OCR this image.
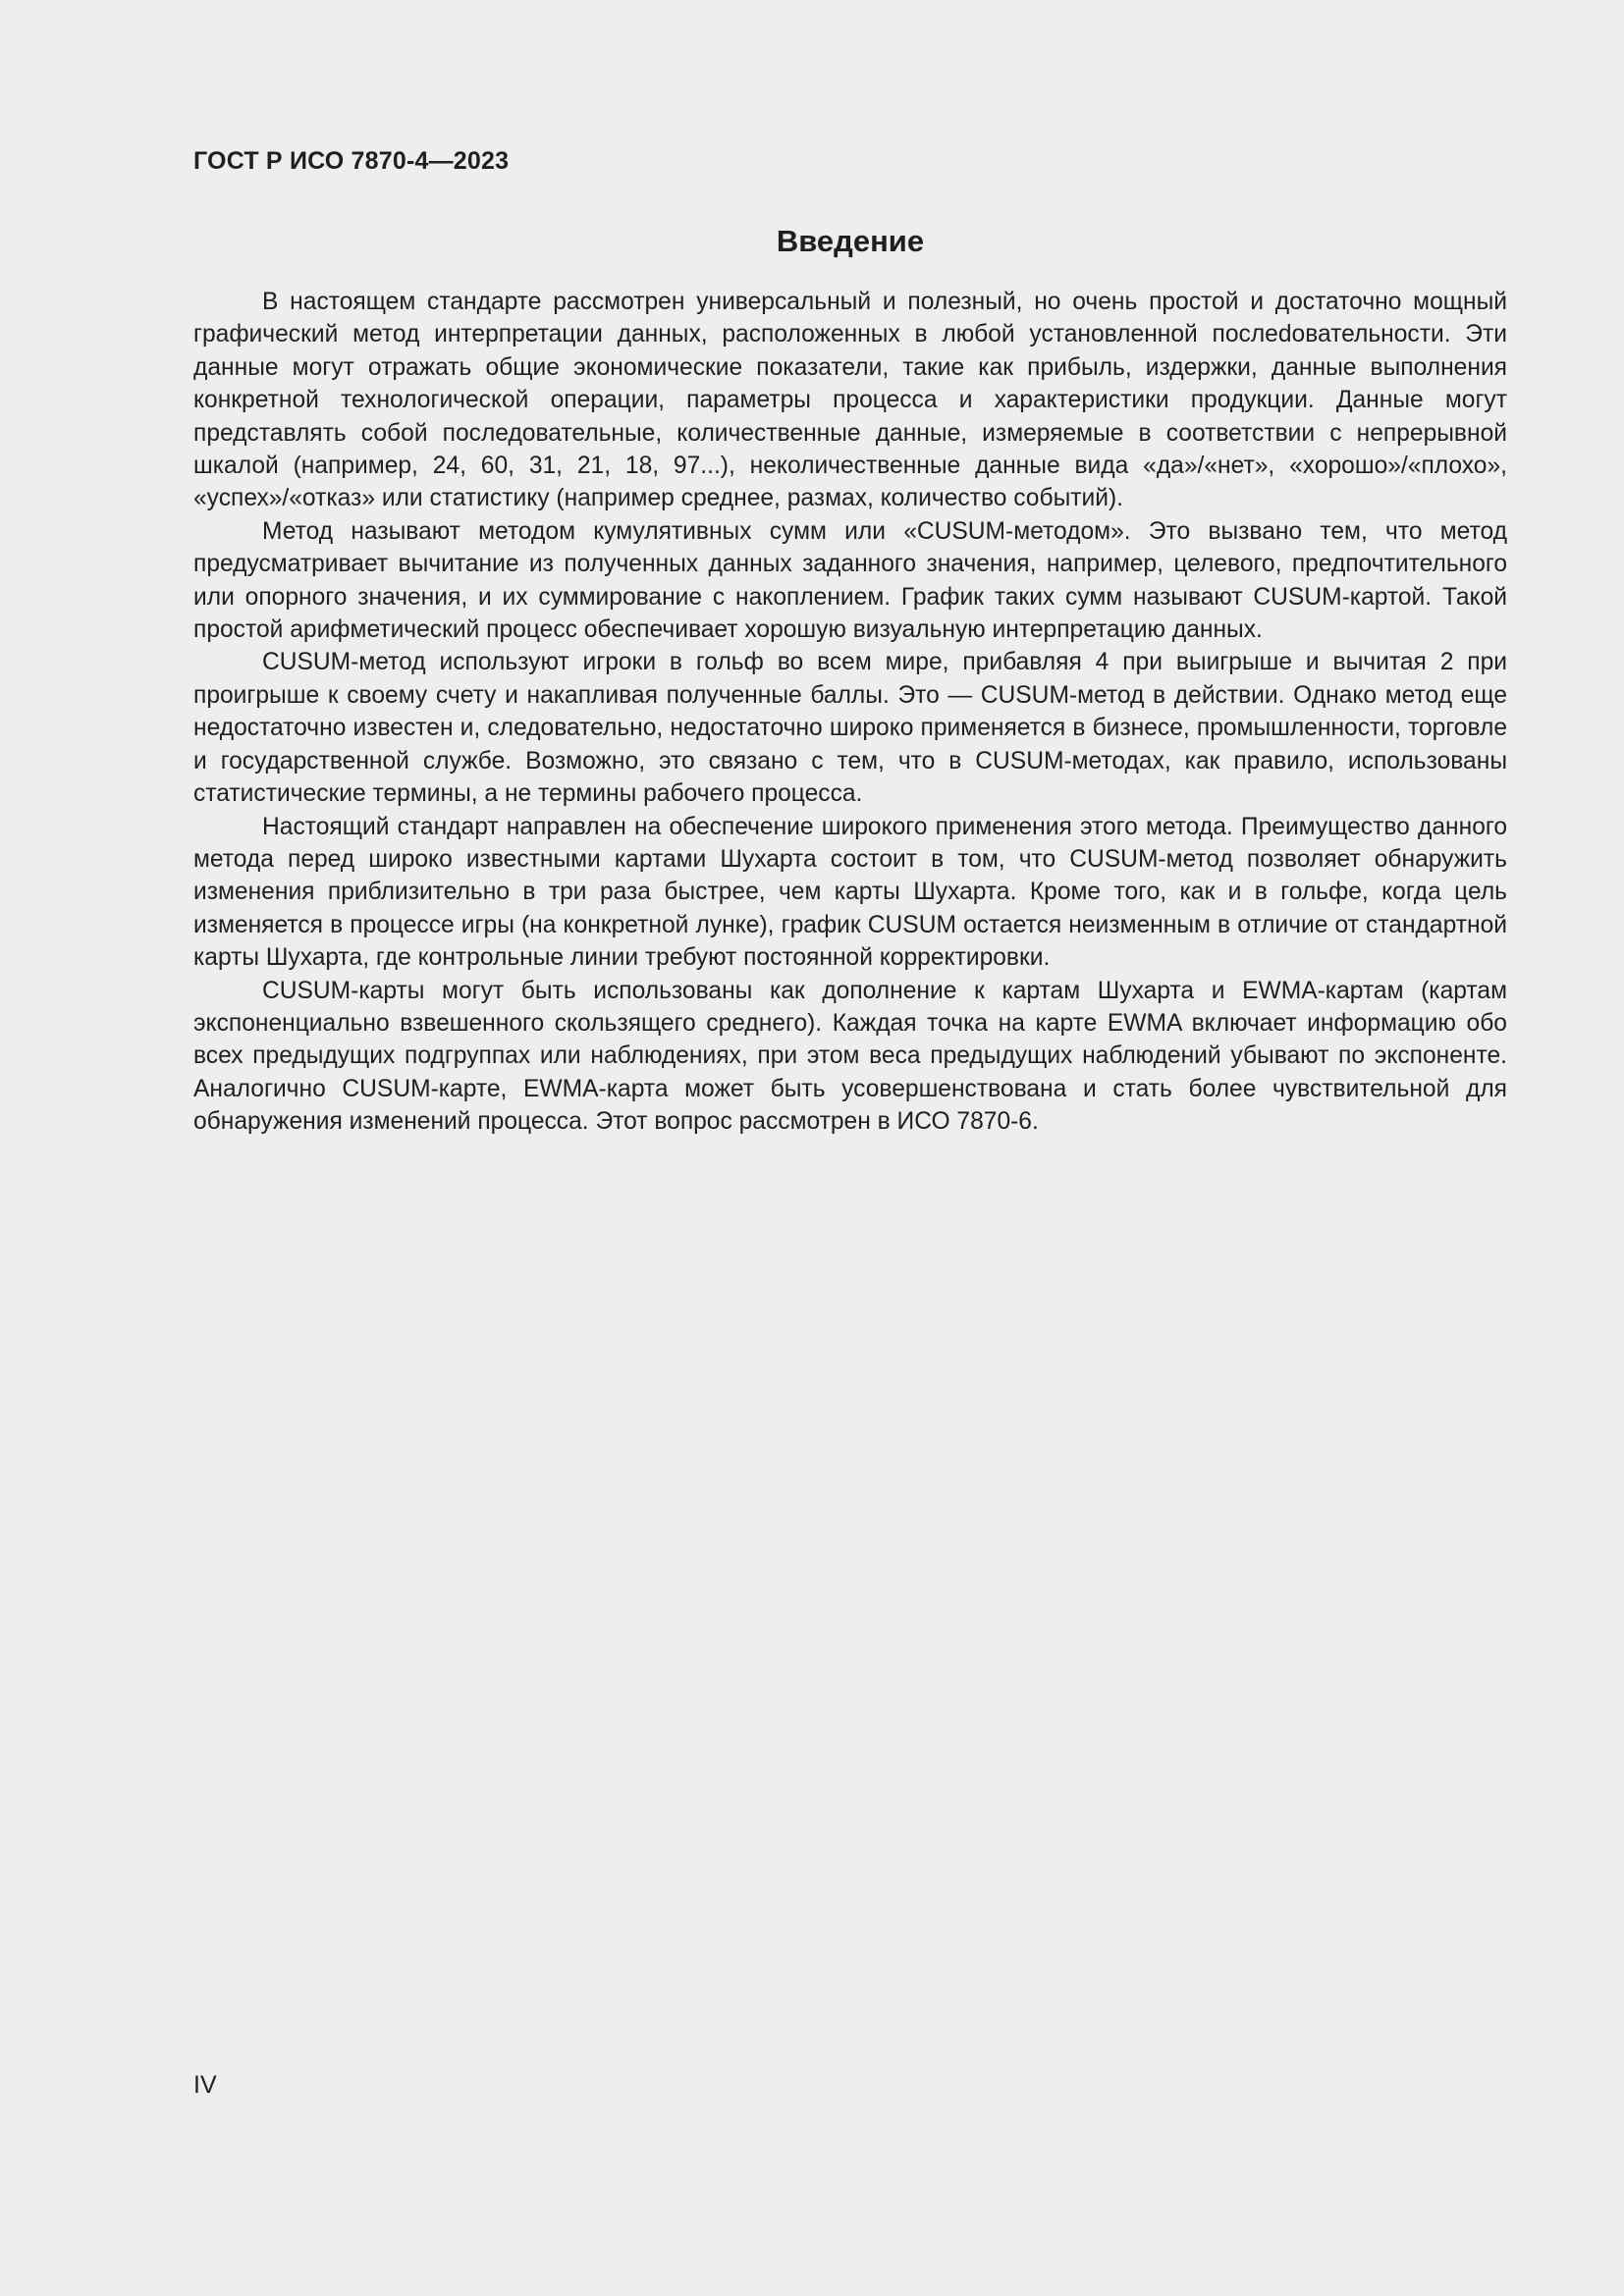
ГОСТ Р ИСО 7870-4—2023
Введение

В настоящем стандарте рассмотрен универсальный и полезный, но очень простой и достаточно мощный графический метод интерпретации данных, расположенных в любой установленной послеdовательности. Эти данные могут отражать общие экономические показатели, такие как прибыль, издержки, данные выполнения конкретной технологической операции, параметры процесса и характеристики продукции. Данные могут представлять собой последовательные, количественные данные, измеряемые в соответствии с непрерывной шкалой (например, 24, 60, 31, 21, 18, 97...), неколичественные данные вида «да»/«нет», «хорошо»/«плохо», «успех»/«отказ» или статистику (например среднее, размах, количество событий).

Метод называют методом кумулятивных сумм или «CUSUM-методом». Это вызвано тем, что метод предусматривает вычитание из полученных данных заданного значения, например, целевого, предпочтительного или опорного значения, и их суммирование с накоплением. График таких сумм называют CUSUM-картой. Такой простой арифметический процесс обеспечивает хорошую визуальную интерпретацию данных.

CUSUM-метод используют игроки в гольф во всем мире, прибавляя 4 при выигрыше и вычитая 2 при проигрыше к своему счету и накапливая полученные баллы. Это — CUSUM-метод в действии. Однако метод еще недостаточно известен и, следовательно, недостаточно широко применяется в бизнесе, промышленности, торговле и государственной службе. Возможно, это связано с тем, что в CUSUM-методах, как правило, использованы статистические термины, а не термины рабочего процесса.

Настоящий стандарт направлен на обеспечение широкого применения этого метода. Преимущество данного метода перед широко известными картами Шухарта состоит в том, что CUSUM-метод позволяет обнаружить изменения приблизительно в три раза быстрее, чем карты Шухарта. Кроме того, как и в гольфе, когда цель изменяется в процессе игры (на конкретной лунке), график CUSUM остается неизменным в отличие от стандартной карты Шухарта, где контрольные линии требуют постоянной корректировки.

CUSUM-карты могут быть использованы как дополнение к картам Шухарта и EWMA-картам (картам экспоненциально взвешенного скользящего среднего). Каждая точка на карте EWMA включает информацию обо всех предыдущих подгруппах или наблюдениях, при этом веса предыдущих наблюдений убывают по экспоненте. Аналогично CUSUM-карте, EWMA-карта может быть усовершенствована и стать более чувствительной для обнаружения изменений процесса. Этот вопрос рассмотрен в ИСО 7870-6.

IV
